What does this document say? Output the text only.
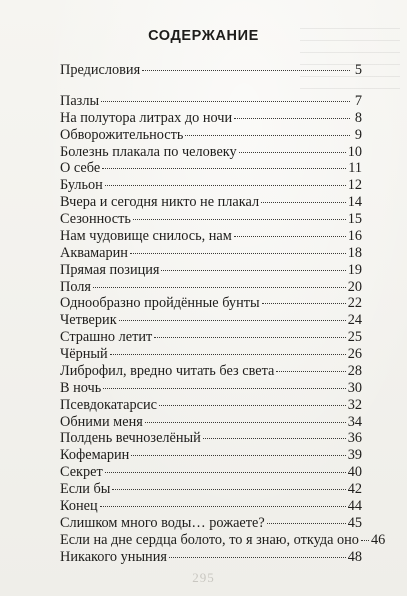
СОДЕРЖАНИЕ
Предисловия	5
Пазлы	7
На полутора литрах до ночи	8
Обворожительность	9
Болезнь плакала по человеку	10
О себе	11
Бульон	12
Вчера и сегодня никто не плакал	14
Сезонность	15
Нам чудовище снилось, нам	16
Аквамарин	18
Прямая позиция	19
Поля	20
Однообразно пройдённые бунты	22
Четверик	24
Страшно летит	25
Чёрный	26
Либрофил, вредно читать без света	28
В ночь	30
Псевдокатарсис	32
Обними меня	34
Полдень вечнозелёный	36
Кофемарин	39
Секрет	40
Если бы	42
Конец	44
Слишком много воды… рожаете?	45
Если на дне сердца болото, то я знаю, откуда оно 46
Никакого уныния	48
295
